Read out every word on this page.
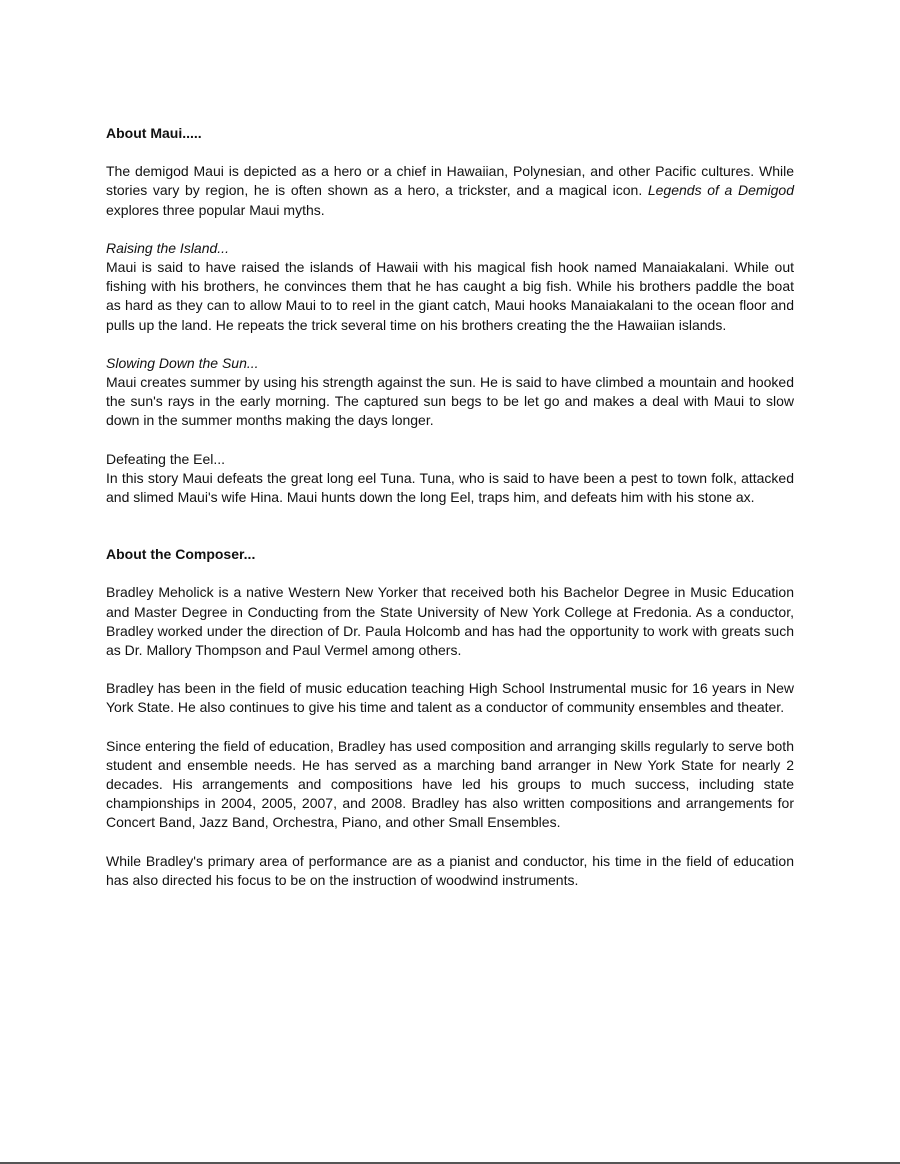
About Maui.....

The demigod Maui is depicted as a hero or a chief in Hawaiian, Polynesian, and other Pacific cultures. While stories vary by region, he is often shown as a hero, a trickster, and a magical icon. Legends of a Demigod explores three popular Maui myths.

Raising the Island...

Maui is said to have raised the islands of Hawaii with his magical fish hook named Manaiakalani. While out fishing with his brothers, he convinces them that he has caught a big fish. While his brothers paddle the boat as hard as they can to allow Maui to to reel in the giant catch, Maui hooks Manaiakalani to the ocean floor and pulls up the land. He repeats the trick several time on his brothers creating the the Hawaiian islands.

Slowing Down the Sun...

Maui creates summer by using his strength against the sun. He is said to have climbed a mountain and hooked the sun's rays in the early morning. The captured sun begs to be let go and makes a deal with Maui to slow down in the summer months making the days longer.

Defeating the Eel...

In this story Maui defeats the great long eel Tuna. Tuna, who is said to have been a pest to town folk, attacked and slimed Maui's wife Hina. Maui hunts down the long Eel, traps him, and defeats him with his stone ax.

About the Composer...

Bradley Meholick is a native Western New Yorker that received both his Bachelor Degree in Music Education and Master Degree in Conducting from the State University of New York College at Fredonia. As a conductor, Bradley worked under the direction of Dr. Paula Holcomb and has had the opportunity to work with greats such as Dr. Mallory Thompson and Paul Vermel among others.

Bradley has been in the field of music education teaching High School Instrumental music for 16 years in New York State. He also continues to give his time and talent as a conductor of community ensembles and theater.

Since entering the field of education, Bradley has used composition and arranging skills regularly to serve both student and ensemble needs. He has served as a marching band arranger in New York State for nearly 2 decades. His arrangements and compositions have led his groups to much success, including state championships in 2004, 2005, 2007, and 2008. Bradley has also written compositions and arrangements for Concert Band, Jazz Band, Orchestra, Piano, and other Small Ensembles.

While Bradley's primary area of performance are as a pianist and conductor, his time in the field of education has also directed his focus to be on the instruction of woodwind instruments.
